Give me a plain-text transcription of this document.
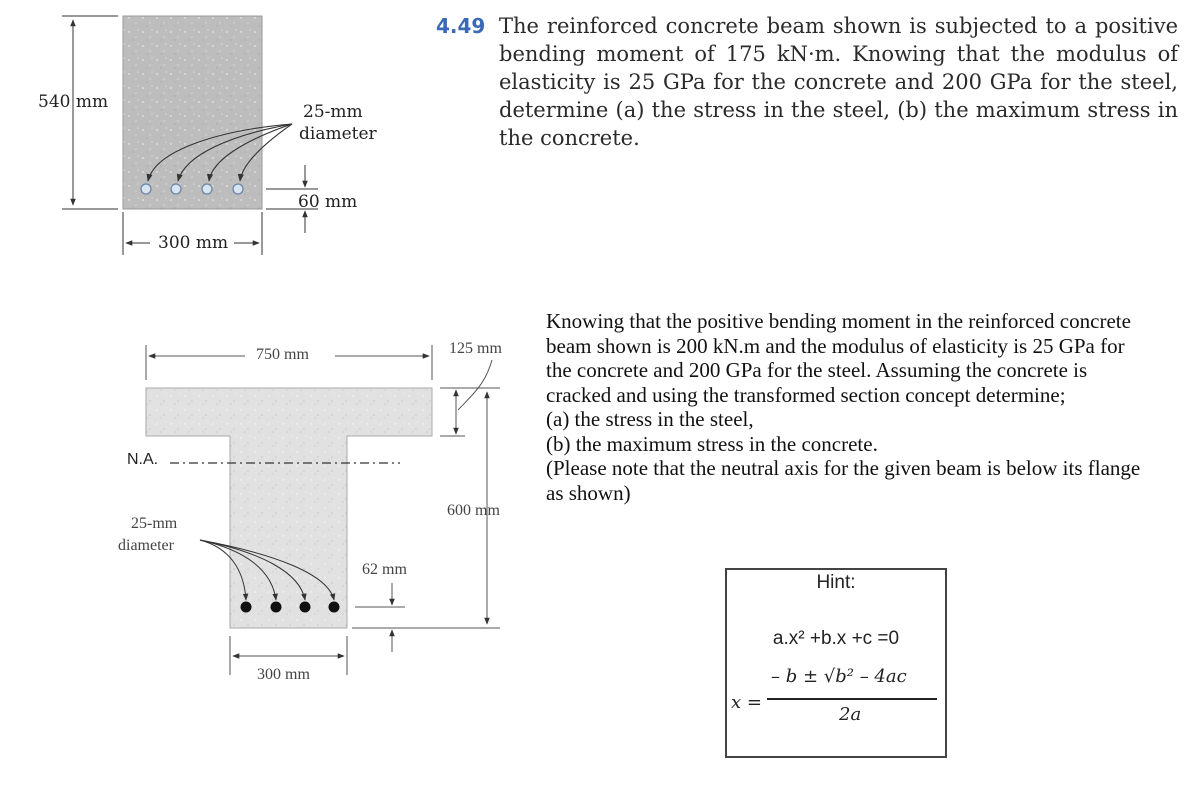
4.49 The reinforced concrete beam shown is subjected to a positive bending moment of 175 kN·m. Knowing that the modulus of elasticity is 25 GPa for the concrete and 200 GPa for the steel, determine (a) the stress in the steel, (b) the maximum stress in the concrete.
540 mm	25-mm
diameter
60 mm
300 mm

Knowing that the positive bending moment in the reinforced concrete beam shown is 200 kN.m and the modulus of elasticity is 25 GPa for the concrete and 200 GPa for the steel. Assuming the concrete is cracked and using the transformed section concept determine;

(a) the stress in the steel,

(b) the maximum stress in the concrete.

(Please note that the neutral axis for the given beam is below its flange as shown)

750 mm	125 mm
N.A.
600 mm
25-mm
diameter
62 mm
300 mm
Hint:
a.x² +b.x +c =0
x =
– b ± √b² – 4ac
2a
